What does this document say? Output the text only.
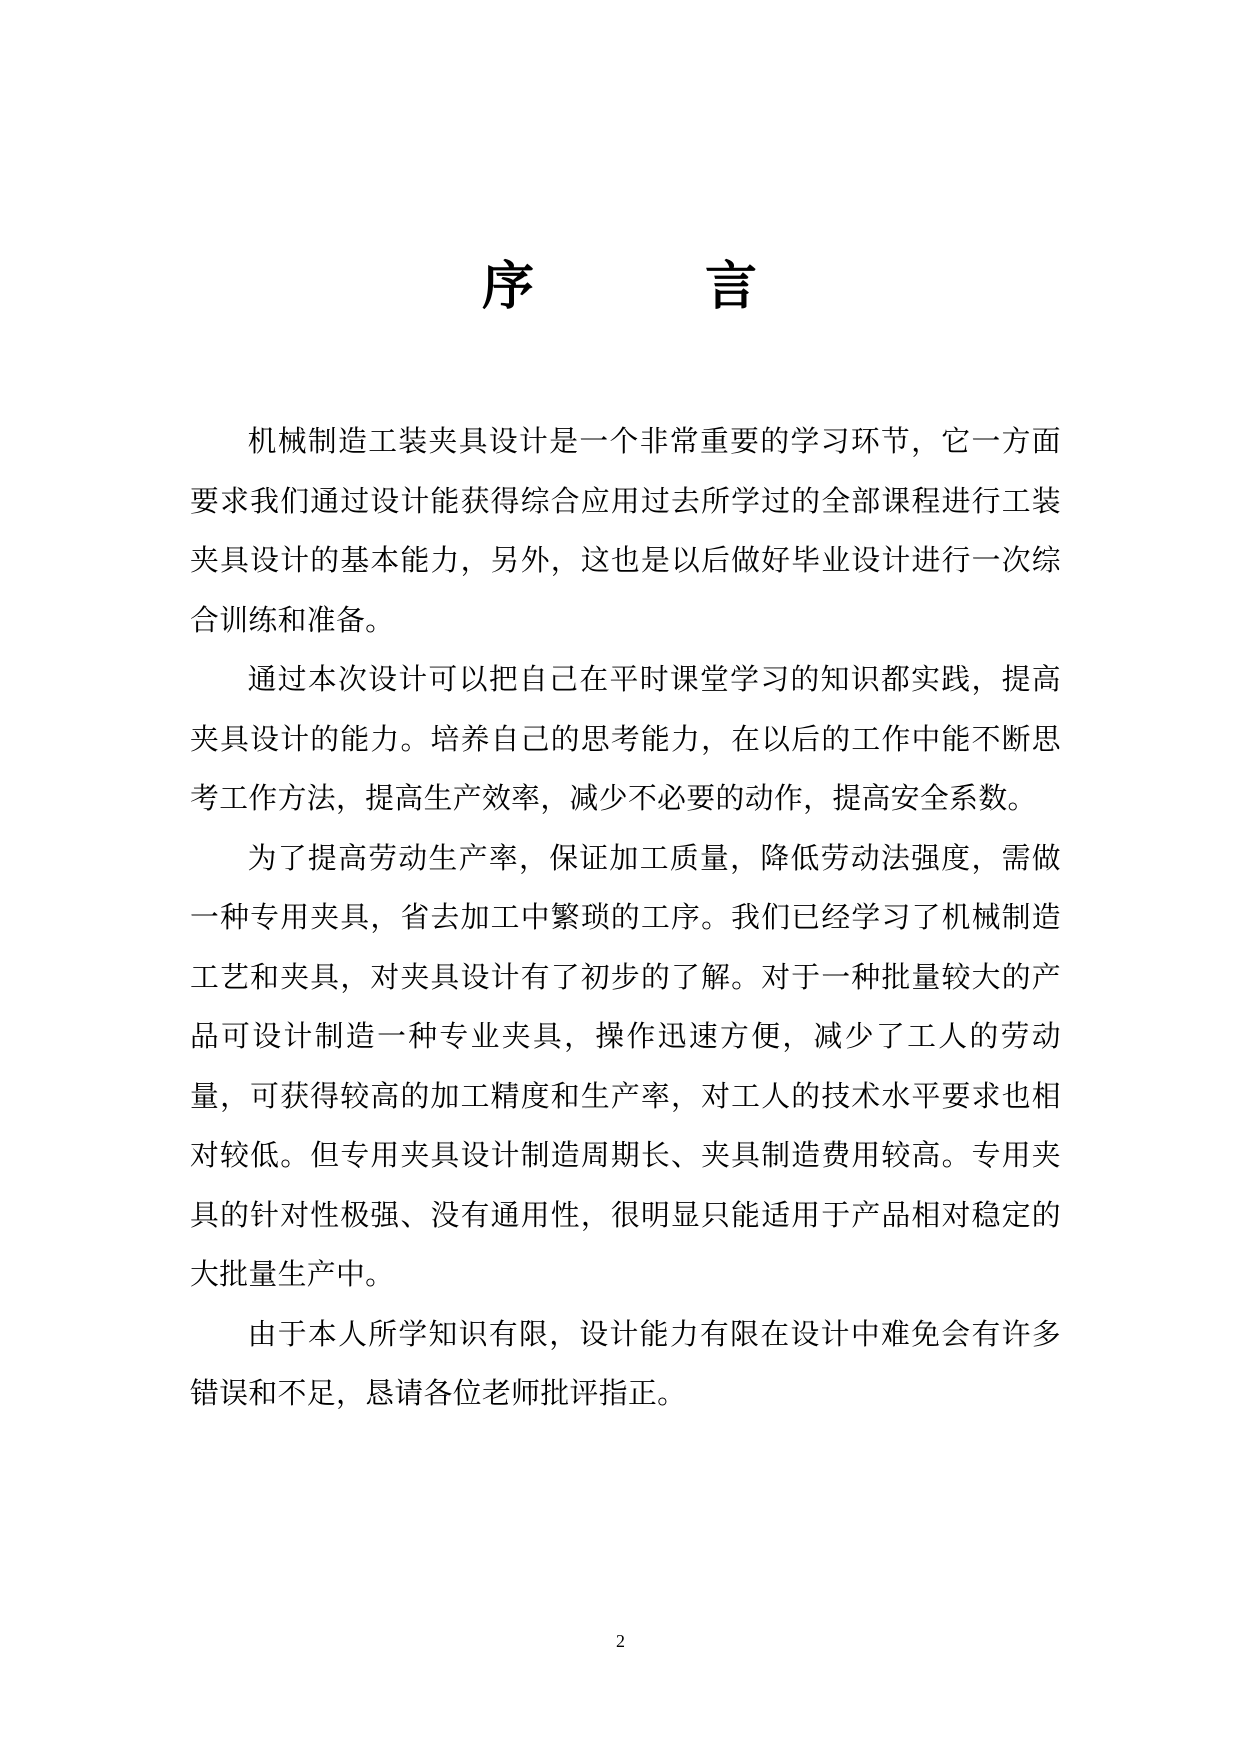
序	言

机械制造工装夹具设计是一个非常重要的学习环节，它一方面要求我们通过设计能获得综合应用过去所学过的全部课程进行工装夹具设计的基本能力，另外，这也是以后做好毕业设计进行一次综合训练和准备。

通过本次设计可以把自己在平时课堂学习的知识都实践，提高夹具设计的能力。培养自己的思考能力，在以后的工作中能不断思考工作方法，提高生产效率，减少不必要的动作，提高安全系数。

为了提高劳动生产率，保证加工质量，降低劳动法强度，需做一种专用夹具，省去加工中繁琐的工序。我们已经学习了机械制造工艺和夹具，对夹具设计有了初步的了解。对于一种批量较大的产品可设计制造一种专业夹具，操作迅速方便，减少了工人的劳动量，可获得较高的加工精度和生产率，对工人的技术水平要求也相对较低。但专用夹具设计制造周期长、夹具制造费用较高。专用夹具的针对性极强、没有通用性，很明显只能适用于产品相对稳定的大批量生产中。

由于本人所学知识有限，设计能力有限在设计中难免会有许多错误和不足，恳请各位老师批评指正。

2
